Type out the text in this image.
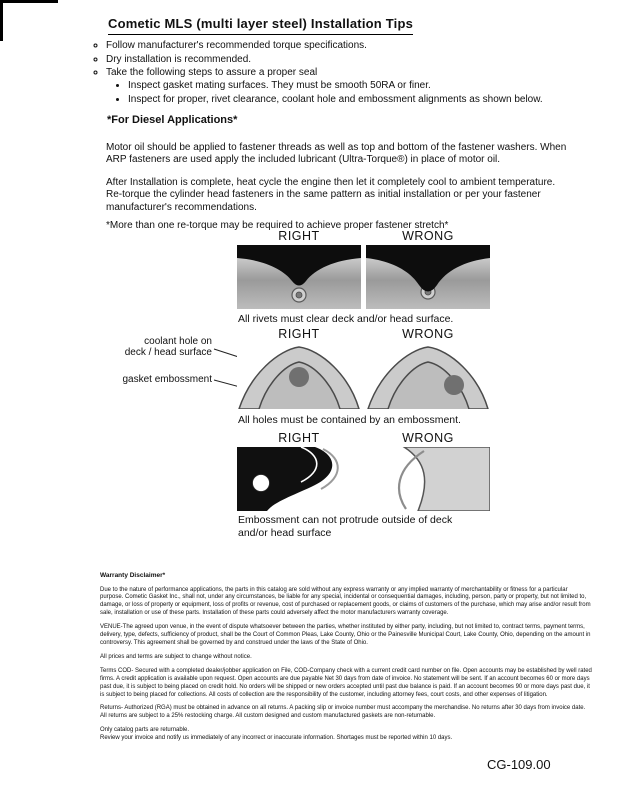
Cometic MLS (multi layer steel) Installation Tips
◦ Follow manufacturer's recommended torque specifications.
◦ Dry installation is recommended.
◦ Take the following steps to assure a proper seal
• Inspect gasket mating surfaces. They must be smooth 50RA or finer.
• Inspect for proper, rivet clearance, coolant hole and embossment alignments as shown below.
*For Diesel Applications*

Motor oil should be applied to fastener threads as well as top and bottom of the fastener washers. When ARP fasteners are used apply the included lubricant (Ultra-Torque®) in place of motor oil.

After Installation is complete, heat cycle the engine then let it completely cool to ambient temperature. Re-torque the cylinder head fasteners in the same pattern as initial installation or per your fastener manufacturer's recommendations.

*More than one re-torque may be required to achieve proper fastener stretch*

RIGHT	WRONG
All rivets must clear deck and/or head surface.
RIGHT	WRONG
coolant hole on
deck / head surface
gasket embossment
All holes must be contained by an embossment.
RIGHT	WRONG
Embossment can not protrude outside of deck and/or head surface

Warranty Disclaimer*

Due to the nature of performance applications, the parts in this catalog are sold without any express warranty or any implied warranty of merchantability or fitness for a particular purpose. Cometic Gasket Inc., shall not, under any circumstances, be liable for any special, incidental or consequential damages, including, person, party or property, but not limited to, damage, or loss of property or equipment, loss of profits or revenue, cost of purchased or replacement goods, or claims of customers of the purchase, which may arise and/or result from sale, installation or use of these parts. Installation of these parts could adversely affect the motor manufacturers warranty coverage.

VENUE-The agreed upon venue, in the event of dispute whatsoever between the parties, whether instituted by either party, including, but not limited to, contract terms, payment terms, delivery, type, defects, sufficiency of product, shall be the Court of Common Pleas, Lake County, Ohio or the Painesville Municipal Court, Lake County, Ohio, depending on the amount in controversy. This agreement shall be governed by and construed under the laws of the State of Ohio.

All prices and terms are subject to change without notice.

Terms COD- Secured with a completed dealer/jobber application on File, COD-Company check with a current credit card number on file. Open accounts may be established by well rated firms. A credit application is available upon request. Open accounts are due payable Net 30 days from date of invoice. No statement will be sent. If an account becomes 60 or more days past due, it is subject to being placed on credit hold. No orders will be shipped or new orders accepted until past due balance is paid. If an account becomes 90 or more days past due, it is subject to being placed for collections. All costs of collection are the responsibility of the customer, including attorney fees, court costs, and other expenses of litigation.

Returns- Authorized (RGA) must be obtained in advance on all returns. A packing slip or invoice number must accompany the merchandise. No returns after 30 days from invoice date. All returns are subject to a 25% restocking charge. All custom designed and custom manufactured gaskets are non-returnable.

Only catalog parts are returnable.
Review your invoice and notify us immediately of any incorrect or inaccurate information. Shortages must be reported within 10 days.

CG-109.00
